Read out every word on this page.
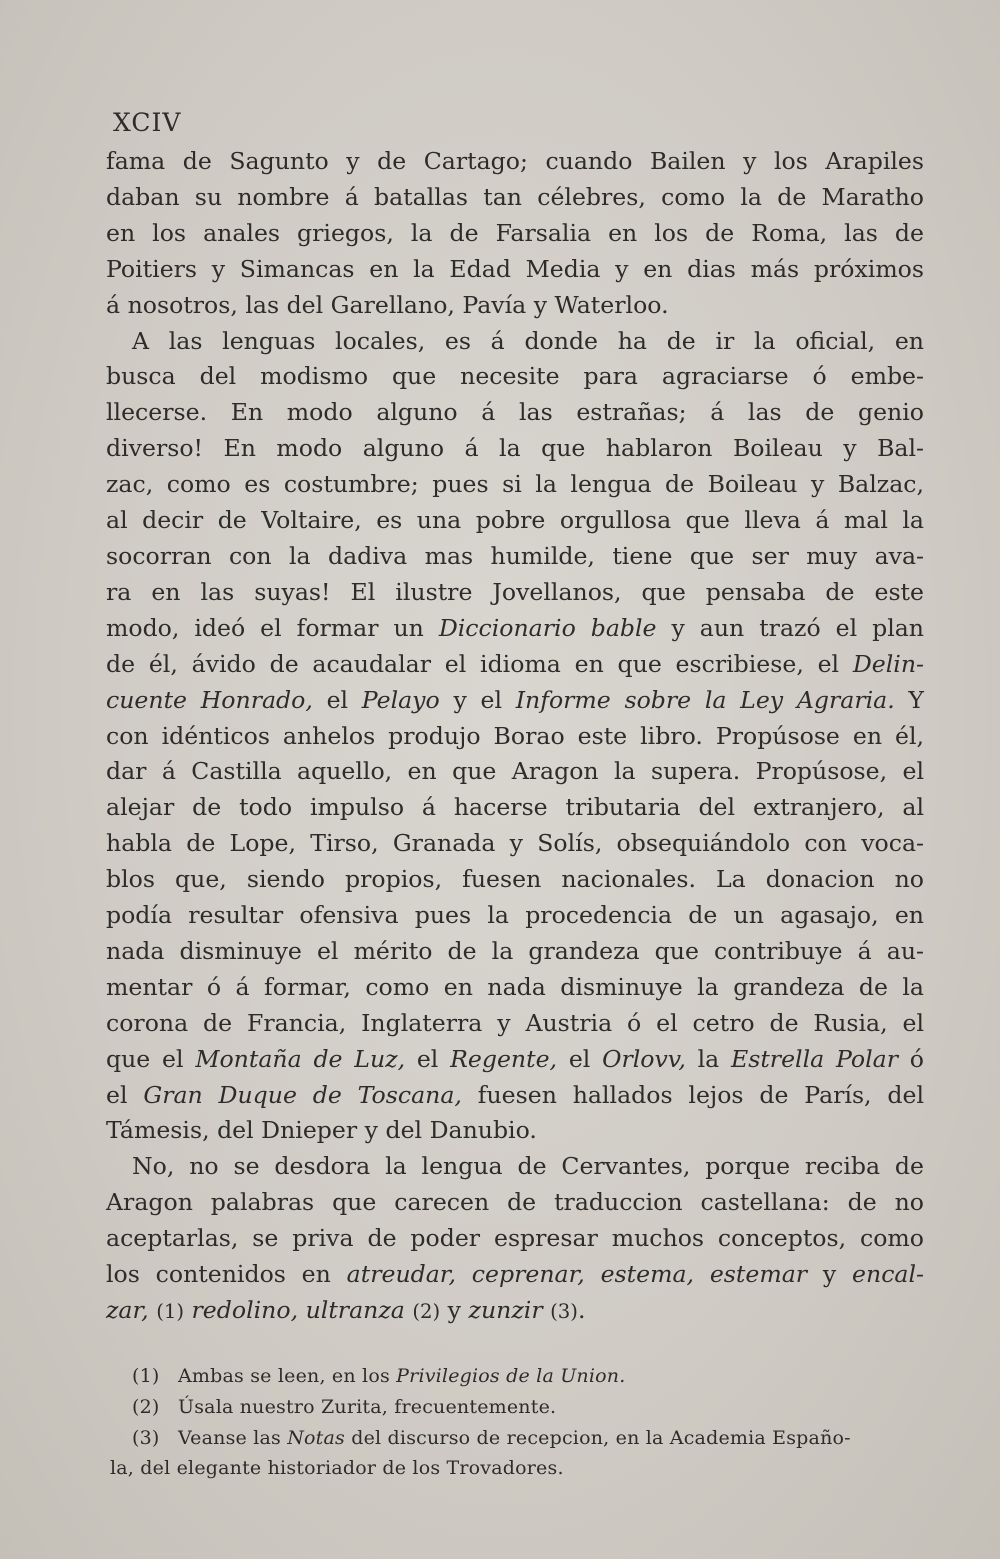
XCIV
fama de Sagunto y de Cartago; cuando Bailen y los Arapiles
daban su nombre á batallas tan célebres, como la de Maratho
en los anales griegos, la de Farsalia en los de Roma, las de
Poitiers y Simancas en la Edad Media y en dias más próximos
á nosotros, las del Garellano, Pavía y Waterloo.
A las lenguas locales, es á donde ha de ir la oficial, en
busca del modismo que necesite para agraciarse ó embe-
llecerse. En modo alguno á las estrañas; á las de genio
diverso! En modo alguno á la que hablaron Boileau y Bal-
zac, como es costumbre; pues si la lengua de Boileau y Balzac,
al decir de Voltaire, es una pobre orgullosa que lleva á mal la
socorran con la dadiva mas humilde, tiene que ser muy ava-
ra en las suyas! El ilustre Jovellanos, que pensaba de este
modo, ideó el formar un Diccionario bable y aun trazó el plan
de él, ávido de acaudalar el idioma en que escribiese, el Delin-
cuente Honrado, el Pelayo y el Informe sobre la Ley Agraria. Y
con idénticos anhelos produjo Borao este libro. Propúsose en él,
dar á Castilla aquello, en que Aragon la supera. Propúsose, el
alejar de todo impulso á hacerse tributaria del extranjero, al
habla de Lope, Tirso, Granada y Solís, obsequiándolo con voca-
blos que, siendo propios, fuesen nacionales. La donacion no
podía resultar ofensiva pues la procedencia de un agasajo, en
nada disminuye el mérito de la grandeza que contribuye á au-
mentar ó á formar, como en nada disminuye la grandeza de la
corona de Francia, Inglaterra y Austria ó el cetro de Rusia, el
que el Montaña de Luz, el Regente, el Orlovv, la Estrella Polar ó
el Gran Duque de Toscana, fuesen hallados lejos de París, del
Támesis, del Dnieper y del Danubio.
No, no se desdora la lengua de Cervantes, porque reciba de
Aragon palabras que carecen de traduccion castellana: de no
aceptarlas, se priva de poder espresar muchos conceptos, como
los contenidos en atreudar, ceprenar, estema, estemar y encal-
zar, (1) redolino, ultranza (2) y zunzir (3).
(1) Ambas se leen, en los Privilegios de la Union.
(2) Úsala nuestro Zurita, frecuentemente.
(3) Veanse las Notas del discurso de recepcion, en la Academia Españo-
la, del elegante historiador de los Trovadores.
